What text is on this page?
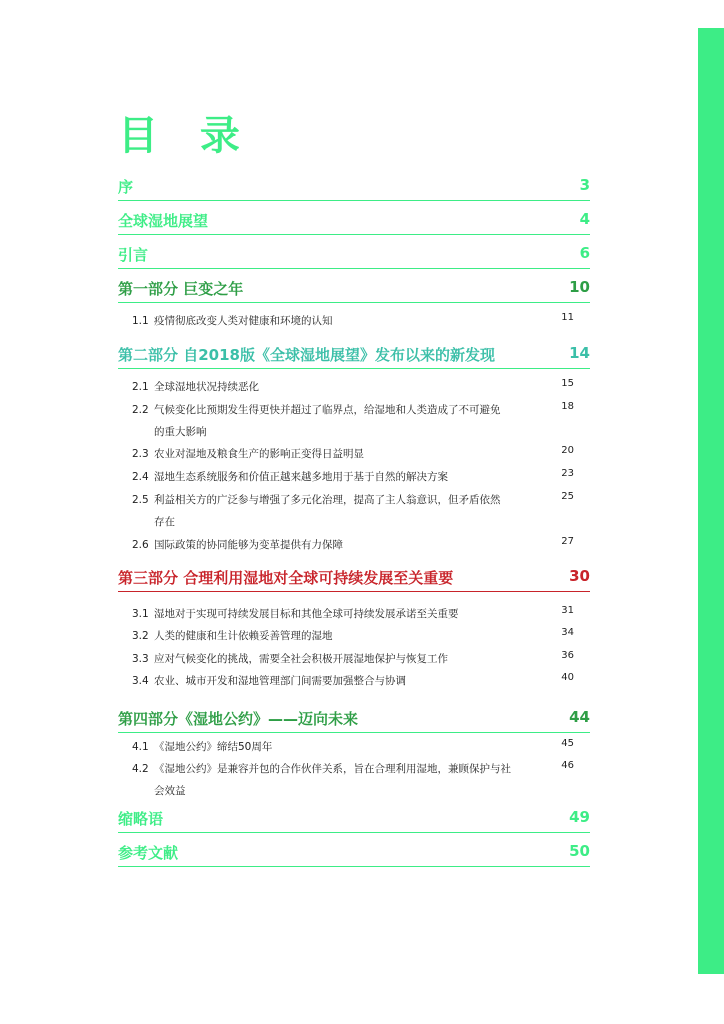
目 录
序	3
全球湿地展望	4
引言	6
第一部分 巨变之年	10
1.1 疫情彻底改变人类对健康和环境的认知	11
第二部分 自2018版《全球湿地展望》发布以来的新发现	14
2.1 全球湿地状况持续恶化	15
2.2 气候变化比预期发生得更快并超过了临界点，给湿地和人类造成了不可避免	18
的重大影响
2.3 农业对湿地及粮食生产的影响正变得日益明显	20
2.4 湿地生态系统服务和价值正越来越多地用于基于自然的解决方案	23
2.5 利益相关方的广泛参与增强了多元化治理，提高了主人翁意识，但矛盾依然	25
存在
2.6 国际政策的协同能够为变革提供有力保障	27
第三部分 合理利用湿地对全球可持续发展至关重要	30
3.1 湿地对于实现可持续发展目标和其他全球可持续发展承诺至关重要	31
3.2 人类的健康和生计依赖妥善管理的湿地	34
3.3 应对气候变化的挑战，需要全社会积极开展湿地保护与恢复工作	36
3.4 农业、城市开发和湿地管理部门间需要加强整合与协调	40
第四部分《湿地公约》——迈向未来	44
4.1 《湿地公约》缔结50周年	45
4.2 《湿地公约》是兼容并包的合作伙伴关系，旨在合理利用湿地，兼顾保护与社	46
会效益
缩略语	49
参考文献	50
